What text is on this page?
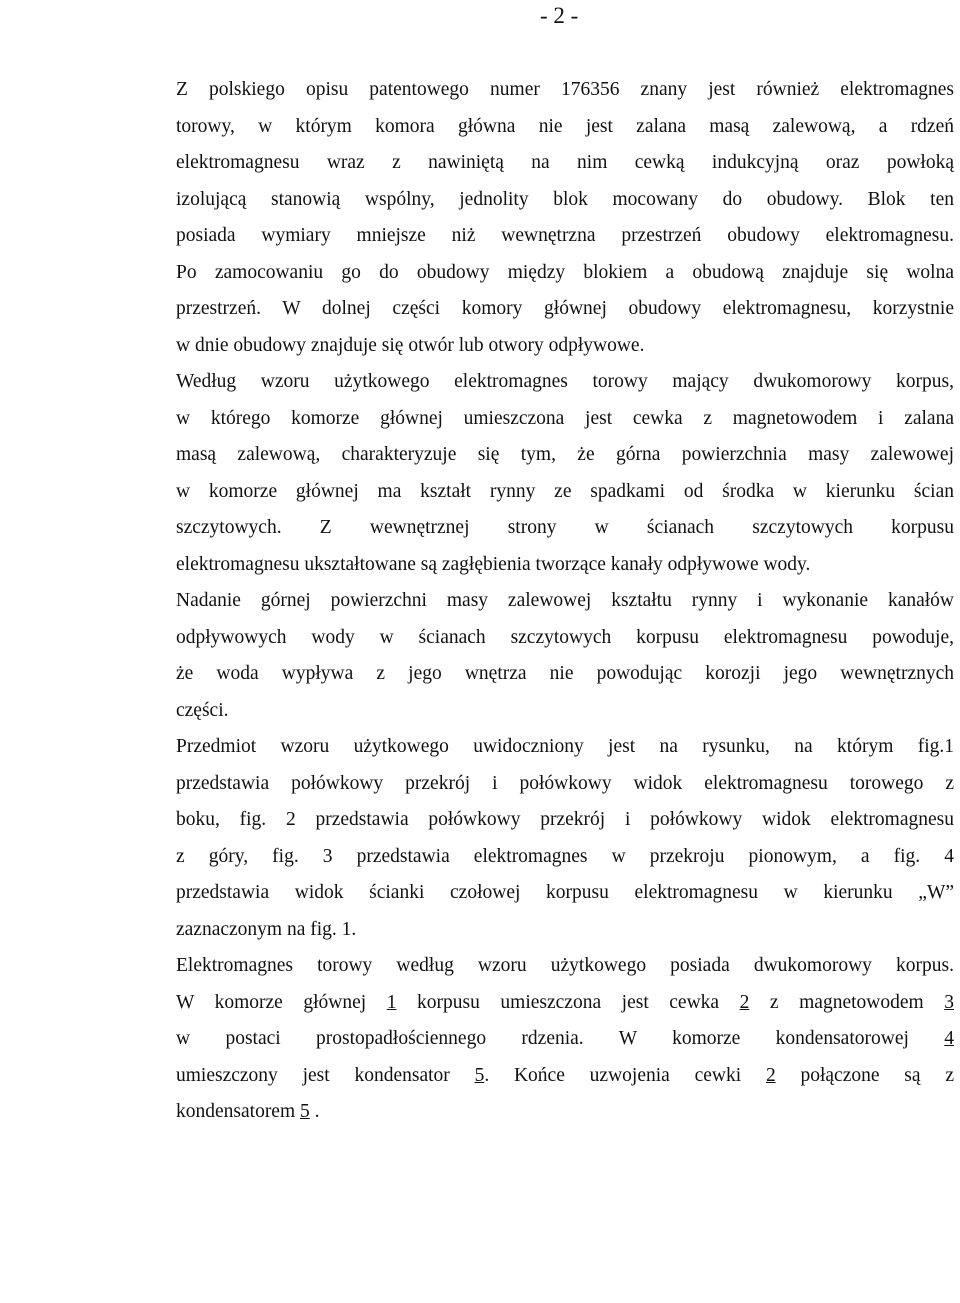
- 2 -
Z polskiego opisu patentowego numer 176356 znany jest również elektromagnes
torowy, w którym komora główna nie jest zalana masą zalewową, a rdzeń
elektromagnesu wraz z nawiniętą na nim cewką indukcyjną oraz powłoką
izolującą stanowią wspólny, jednolity blok mocowany do obudowy. Blok ten
posiada wymiary mniejsze niż wewnętrzna przestrzeń obudowy elektromagnesu.
Po zamocowaniu go do obudowy między blokiem a obudową znajduje się wolna
przestrzeń. W dolnej części komory głównej obudowy elektromagnesu, korzystnie
w dnie obudowy znajduje się otwór lub otwory odpływowe.
Według wzoru użytkowego elektromagnes torowy mający dwukomorowy korpus,
w którego komorze głównej umieszczona jest cewka z magnetowodem i zalana
masą zalewową, charakteryzuje się tym, że górna powierzchnia masy zalewowej
w komorze głównej ma kształt rynny ze spadkami od środka w kierunku ścian
szczytowych. Z wewnętrznej strony w ścianach szczytowych korpusu
elektromagnesu ukształtowane są zagłębienia tworzące kanały odpływowe wody.
Nadanie górnej powierzchni masy zalewowej kształtu rynny i wykonanie kanałów
odpływowych wody w ścianach szczytowych korpusu elektromagnesu powoduje,
że woda wypływa z jego wnętrza nie powodując korozji jego wewnętrznych
części.
Przedmiot wzoru użytkowego uwidoczniony jest na rysunku, na którym fig.1
przedstawia połówkowy przekrój i połówkowy widok elektromagnesu torowego z
boku, fig. 2 przedstawia połówkowy przekrój i połówkowy widok elektromagnesu
z góry, fig. 3 przedstawia elektromagnes w przekroju pionowym, a fig. 4
przedstawia widok ścianki czołowej korpusu elektromagnesu w kierunku „W”
zaznaczonym na fig. 1.
Elektromagnes torowy według wzoru użytkowego posiada dwukomorowy korpus.
W komorze głównej 1 korpusu umieszczona jest cewka 2 z magnetowodem 3
w postaci prostopadłościennego rdzenia. W komorze kondensatorowej 4
umieszczony jest kondensator 5. Końce uzwojenia cewki 2 połączone są z
kondensatorem 5 .
